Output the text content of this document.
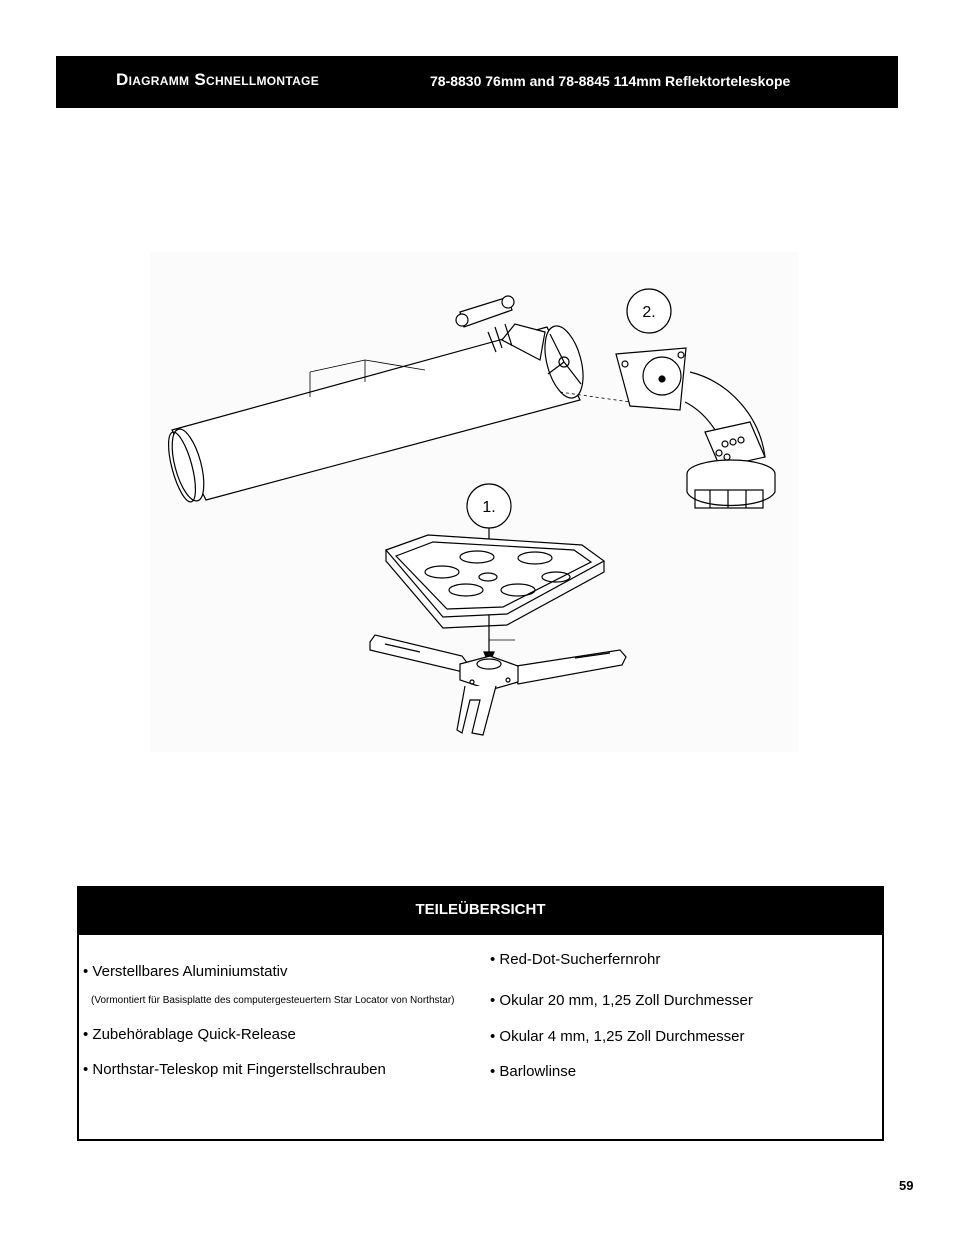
Diagramm Schnellmontage	78-8830 76mm and 78-8845 114mm Reflektorteleskope
2.
1.
TEILEÜBERSICHT
• Verstellbares Aluminiumstativ
(Vormontiert für Basisplatte des computergesteuertern Star Locator von Northstar)
• Zubehörablage Quick-Release
• Northstar-Teleskop mit Fingerstellschrauben
• Red-Dot-Sucherfernrohr
• Okular 20 mm, 1,25 Zoll Durchmesser
• Okular 4 mm, 1,25 Zoll Durchmesser
• Barlowlinse
59
